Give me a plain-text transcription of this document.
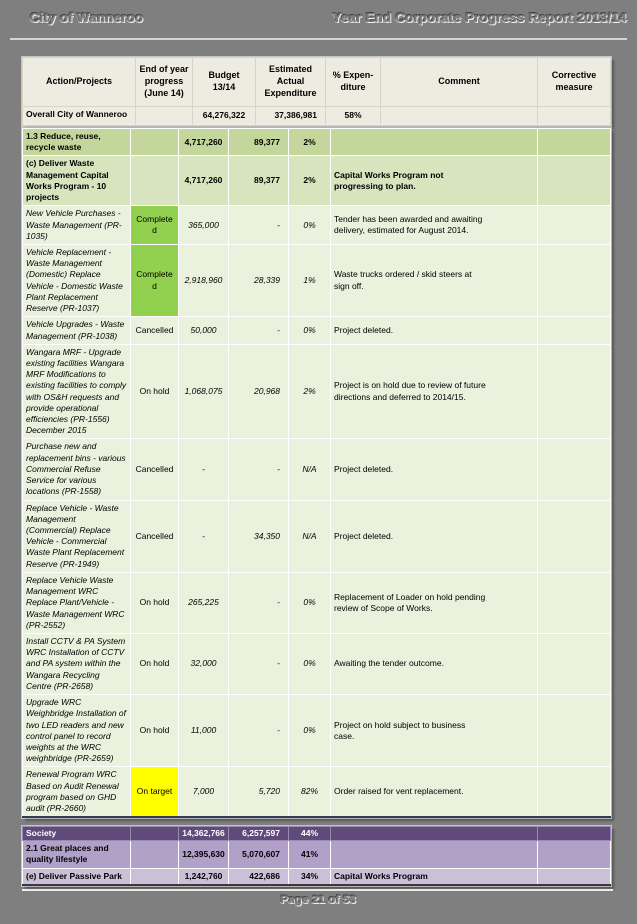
City of Wanneroo	Year End Corporate Progress Report 2013/14
Action/Projects	End of year progress (June 14)	Budget 13/14	Estimated Actual Expenditure	% Expen-diture	Comment	Corrective measure
Overall City of Wanneroo		64,276,322	37,386,981	58%		
1.3 Reduce, reuse, recycle waste		4,717,260	89,377	2%		
(c) Deliver Waste Management Capital Works Program - 10 projects		4,717,260	89,377	2%	Capital Works Program not progressing to plan.	

New Vehicle Purchases - Waste Management (PR-1035)	Completed	365,000	-	0%	Tender has been awarded and awaiting delivery, estimated for August 2014.	

Vehicle Replacement - Waste Management (Domestic) Replace Vehicle - Domestic Waste Plant Replacement Reserve (PR-1037)	Completed	2,918,960	28,339	1%	Waste trucks ordered / skid steers at sign off.	

Vehicle Upgrades - Waste Management (PR-1038)	Cancelled	50,000	-	0%	Project deleted.	

Wangara MRF - Upgrade existing facilities Wangara MRF Modifications to existing facilities to comply with OS&H requests and provide operational efficiencies (PR-1556) December 2015	On hold	1,068,075	20,968	2%	Project is on hold due to review of future directions and deferred to 2014/15.	

Purchase new and replacement bins - various Commercial Refuse Service for various locations (PR-1558)	Cancelled	-	-	N/A	Project deleted.	

Replace Vehicle - Waste Management (Commercial) Replace Vehicle - Commercial Waste Plant Replacement Reserve (PR-1949)	Cancelled	-	34,350	N/A	Project deleted.	

Replace Vehicle Waste Management WRC Replace Plant/Vehicle - Waste Management WRC (PR-2552)	On hold	265,225	-	0%	Replacement of Loader on hold pending review of Scope of Works.	

Install CCTV & PA System WRC Installation of CCTV and PA system within the Wangara Recycling Centre (PR-2658)	On hold	32,000	-	0%	Awaiting the tender outcome.	

Upgrade WRC Weighbridge Installation of two LED readers and new control panel to record weights at the WRC weighbridge (PR-2659)	On hold	11,000	-	0%	Project on hold subject to business case.	

Renewal Program WRC Based on Audit Renewal program based on GHD audit (PR-2660)	On target	7,000	5,720	82%	Order raised for vent replacement.	

Society		14,362,766	6,257,597	44%		
2.1 Great places and quality lifestyle		12,395,630	5,070,607	41%		
(e) Deliver Passive Park		1,242,760	422,686	34%	Capital Works Program	

Page 21 of 53
